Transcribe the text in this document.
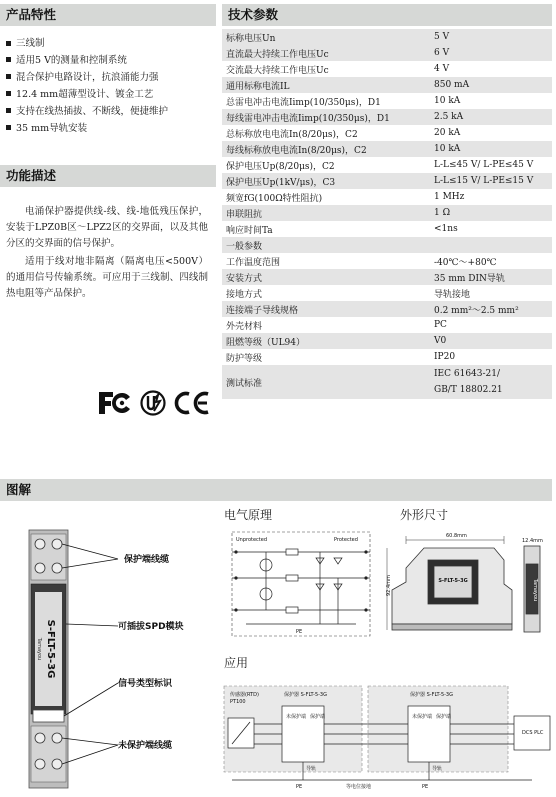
产品特性
三线制
适用5 V的测量和控制系统
混合保护电路设计，抗浪涌能力强
12.4 mm超薄型设计、镀金工艺
支持在线热插拔、不断线，便捷维护
35 mm导轨安装
功能描述

电涌保护器提供线-线、线-地低残压保护，安装于LPZ0B区～LPZ2区的交界面，以及其他分区的交界面的信号保护。

适用于线对地非隔离（隔离电压<500V）的通用信号传输系统。可应用于三线制、四线制热电阻等产品保护。

技术参数
标称电压Un	5 V
直流最大持续工作电压Uc	6 V
交流最大持续工作电压Uc	4 V
通用标称电流IL	850 mA
总雷电冲击电流Iimp(10/350μs)，D1	10 kA
每线雷电冲击电流Iimp(10/350μs)，D1	2.5 kA
总标称放电电流In(8/20μs)，C2	20 kA
每线标称放电电流In(8/20μs)，C2	10 kA
保护电压Up(8/20μs)，C2	L-L≤45 V/ L-PE≤45 V
保护电压Up(1kV/μs)，C3	L-L≤15 V/ L-PE≤15 V
频宽fG(100Ω特性阻抗)	1 MHz
串联阻抗	1 Ω
响应时间Ta	<1ns
一般参数	
工作温度范围	-40℃～+80℃
安装方式	35 mm DIN导轨
接地方式	导轨接地
连接端子导线规格	0.2 mm²～2.5 mm²
外壳材料	PC
阻燃等级（UL94）	V0
防护等级	IP20
测试标准	IEC 61643-21/
GB/T 18802.21
图解
S-FLT-5-3G
Tamayou
保护端线缆
可插拔SPD模块
信号类型标识
未保护端线缆
电气原理
Unprotected	Protected
PE
外形尺寸
S-FLT-5-3G
60.8mm
92.4mm	Tamayou
12.4mm
应用
传感器(RTD)
PT100
保护器 S-FLT-5-3G	保护器 S-FLT-5-3G
DCS PLC
未保护端 保护端	未保护端 保护端
导轨	导轨
PE	PE
等电位接地
